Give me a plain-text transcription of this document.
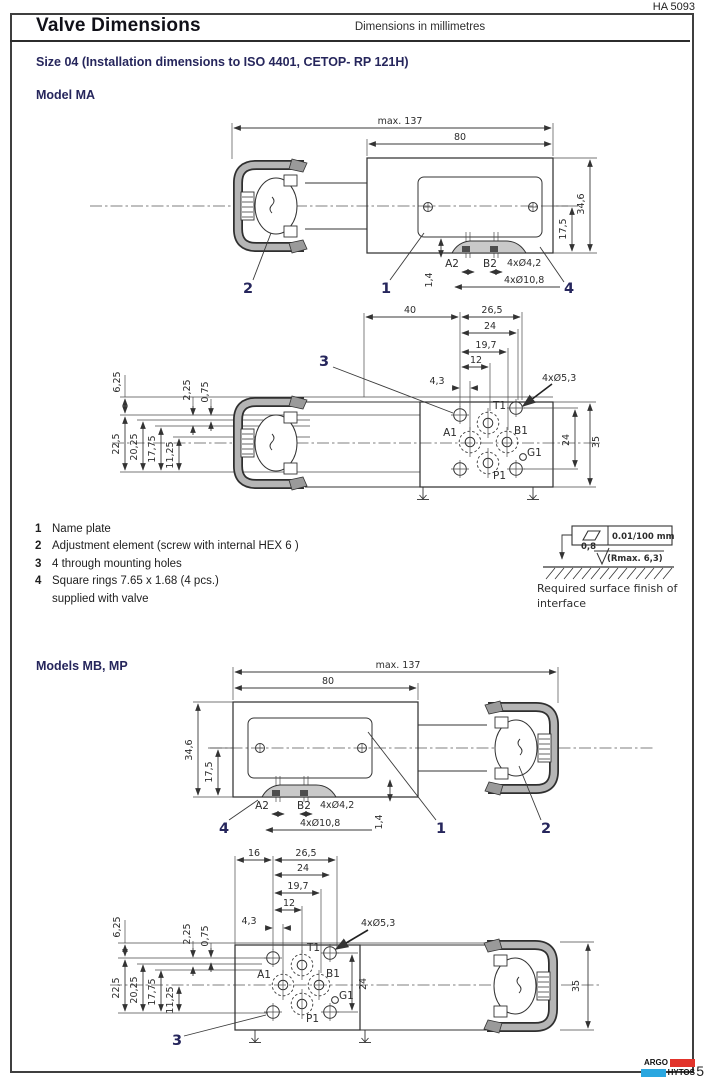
HA 5093
Valve Dimensions	Dimensions in millimetres
Size 04 (Installation dimensions to ISO 4401, CETOP- RP 121H)
Model MA
Models MB, MP
max. 137
80
34,6
17,5
1,4
A2 B2 4xØ4,2
4xØ10,8
2	1	4
T1
A1	B1
G1
P1
40	26,5
24
19,7
12
4,3
6,25
22,5 20,25 17,75 11,25
2,25 0,75
24 35
4xØ5,3
3
max. 137
80
34,6
17,5
1,4
A2	B2 4xØ4,2
4xØ10,8
4	1	2
T1
A1	B1
G1
P1
16	26,5
24
19,7
12
4,3
6,25
22,5 20,25 17,75 11,25
2,25 0,75
24	35
4xØ5,3
3
1 Name plate
2 Adjustment element (screw with internal HEX 6 )
3 4 through mounting holes
4 Square rings 7.65 x 1.68 (4 pcs.)
supplied with valve
0.01/100 mm
0,8
(Rmax. 6,3)
Required surface finish of
interface
ARGO
HYTOS 5
